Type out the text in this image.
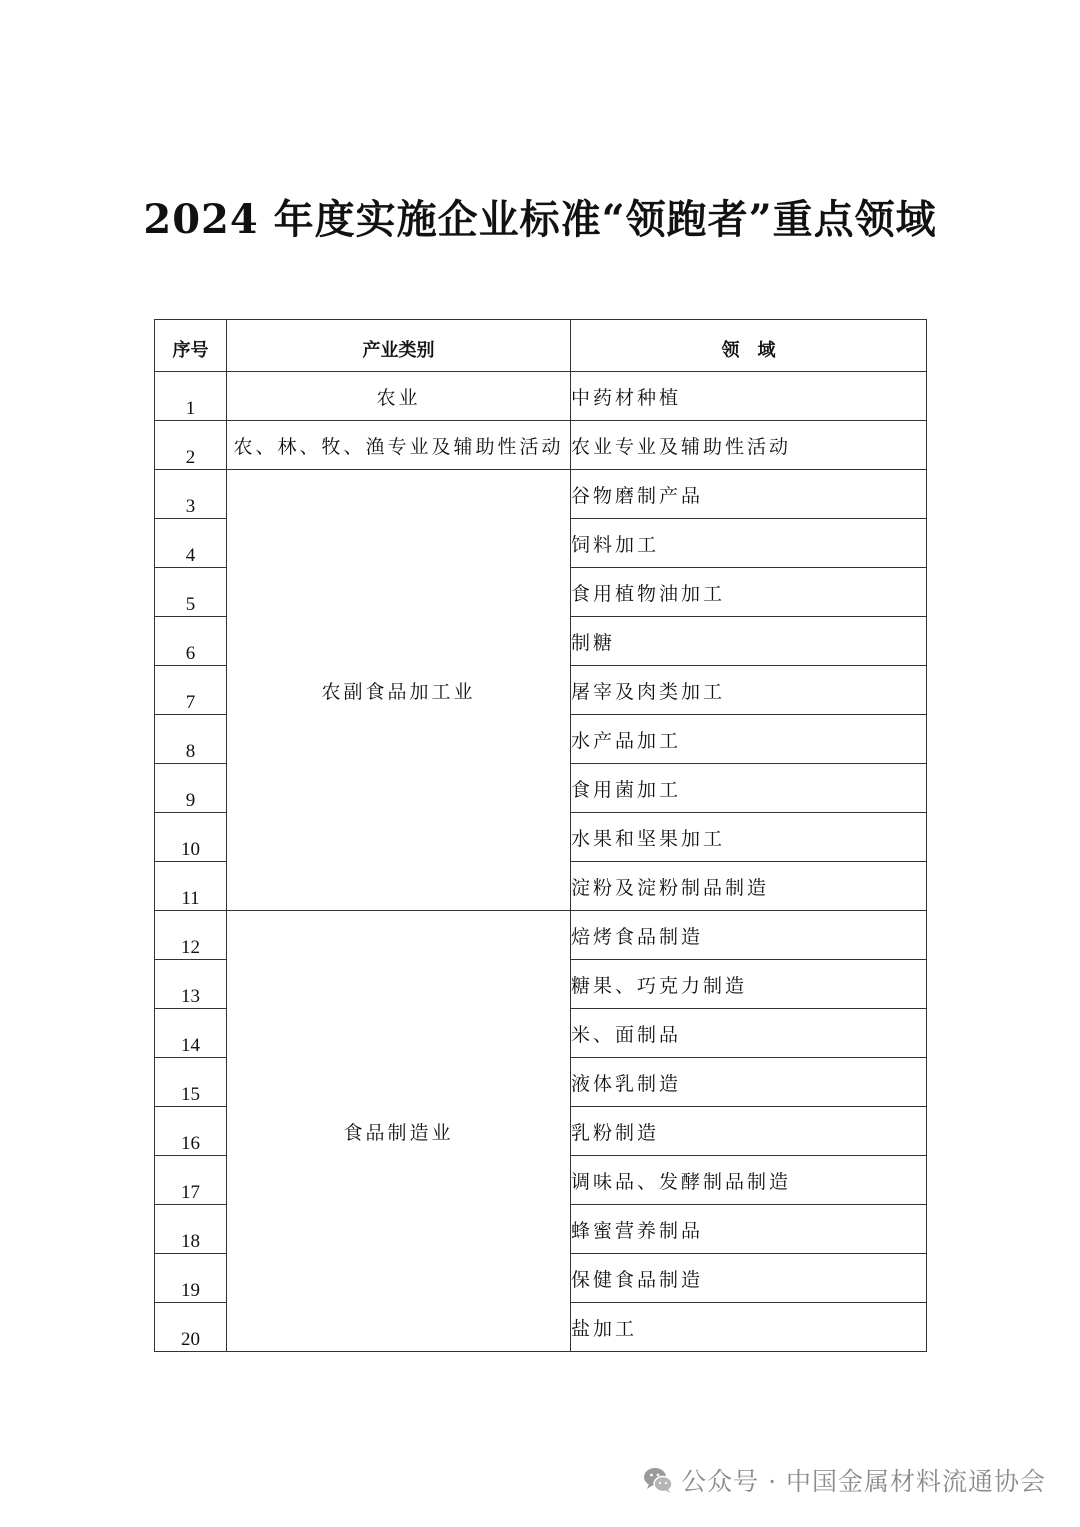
2024 年度实施企业标准“领跑者”重点领域
序号	产业类别	领　域
1	农业	中药材种植
2	农、林、牧、渔专业及辅助性活动	农业专业及辅助性活动
3	农副食品加工业	谷物磨制产品
4		饲料加工
5		食用植物油加工
6		制糖
7		屠宰及肉类加工
8		水产品加工
9		食用菌加工
10		水果和坚果加工
11		淀粉及淀粉制品制造
12	食品制造业	焙烤食品制造
13		糖果、巧克力制造
14		米、面制品
15		液体乳制造
16		乳粉制造
17		调味品、发酵制品制造
18		蜂蜜营养制品
19		保健食品制造
20		盐加工
公众号 · 中国金属材料流通协会
